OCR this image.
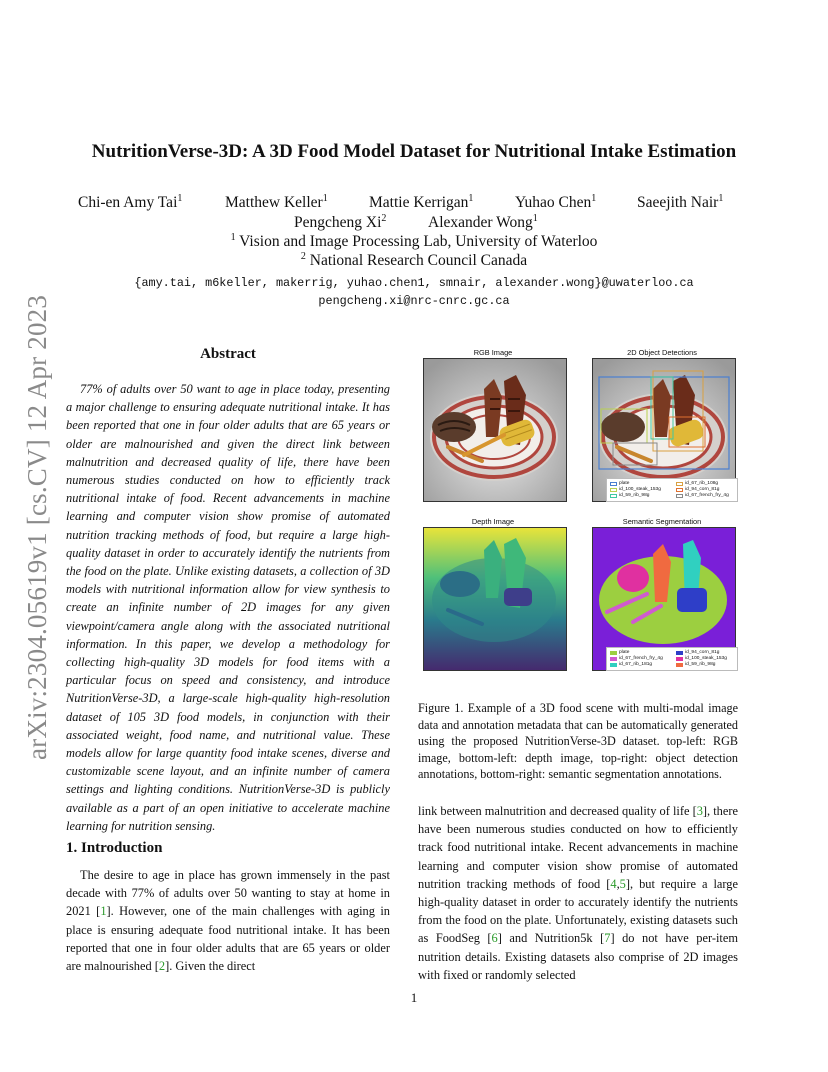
arXiv:2304.05619v1 [cs.CV] 12 Apr 2023
NutritionVerse-3D: A 3D Food Model Dataset for Nutritional Intake Estimation
Chi-en Amy Tai$^1$	Matthew Keller$^1$	Mattie Kerrigan$^1$	Yuhao Chen$^1$	Saeejith Nair$^1$
Pengcheng Xi$^2$	Alexander Wong$^1$
$^1$ Vision and Image Processing Lab, University of Waterloo
$^2$ National Research Council Canada
{amy.tai, m6keller, makerrig, yuhao.chen1, smnair, alexander.wong}@uwaterloo.ca
pengcheng.xi@nrc-cnrc.gc.ca
Abstract

77% of adults over 50 want to age in place today, presenting a major challenge to ensuring adequate nutritional intake. It has been reported that one in four older adults that are 65 years or older are malnourished and given the direct link between malnutrition and decreased quality of life, there have been numerous studies conducted on how to efficiently track nutritional intake of food. Recent advancements in machine learning and computer vision show promise of automated nutrition tracking methods of food, but require a large high-quality dataset in order to accurately identify the nutrients from the food on the plate. Unlike existing datasets, a collection of 3D models with nutritional information allow for view synthesis to create an infinite number of 2D images for any given viewpoint/camera angle along with the associated nutritional information. In this paper, we develop a methodology for collecting high-quality 3D models for food items with a particular focus on speed and consistency, and introduce NutritionVerse-3D, a large-scale high-quality high-resolution dataset of 105 3D food models, in conjunction with their associated weight, food name, and nutritional value. These models allow for large quantity food intake scenes, diverse and customizable scene layout, and an infinite number of camera settings and lighting conditions. NutritionVerse-3D is publicly available as a part of an open initiative to accelerate machine learning for nutrition sensing.

1. Introduction

The desire to age in place has grown immensely in the past decade with 77% of adults over 50 wanting to stay at home in 2021 [1]. However, one of the main challenges with aging in place is ensuring adequate food nutritional intake. It has been reported that one in four older adults that are 65 years or older are malnourished [2]. Given the direct

RGB Image	2D Object Detections
Depth Image	Semantic Segmentation
plate	id_67_rib_108g
id_100_steak_153g	id_94_corn_81g
id_59_rib_98g	id_67_french_fry_4g
plate	id_94_corn_81g
id_67_french_fry_4g	id_100_steak_153g
id_67_rib_181g	id_59_rib_98g
Figure 1. Example of a 3D food scene with multi-modal image data and annotation metadata that can be automatically generated using the proposed NutritionVerse-3D dataset. top-left: RGB image, bottom-left: depth image, top-right: object detection annotations, bottom-right: semantic segmentation annotations.

link between malnutrition and decreased quality of life [3], there have been numerous studies conducted on how to efficiently track food nutritional intake. Recent advancements in machine learning and computer vision show promise of automated nutrition tracking methods of food [4,5], but require a large high-quality dataset in order to accurately identify the nutrients from the food on the plate. Unfortunately, existing datasets such as FoodSeg [6] and Nutrition5k [7] do not have per-item nutrition details. Existing datasets also comprise of 2D images with fixed or randomly selected

1
